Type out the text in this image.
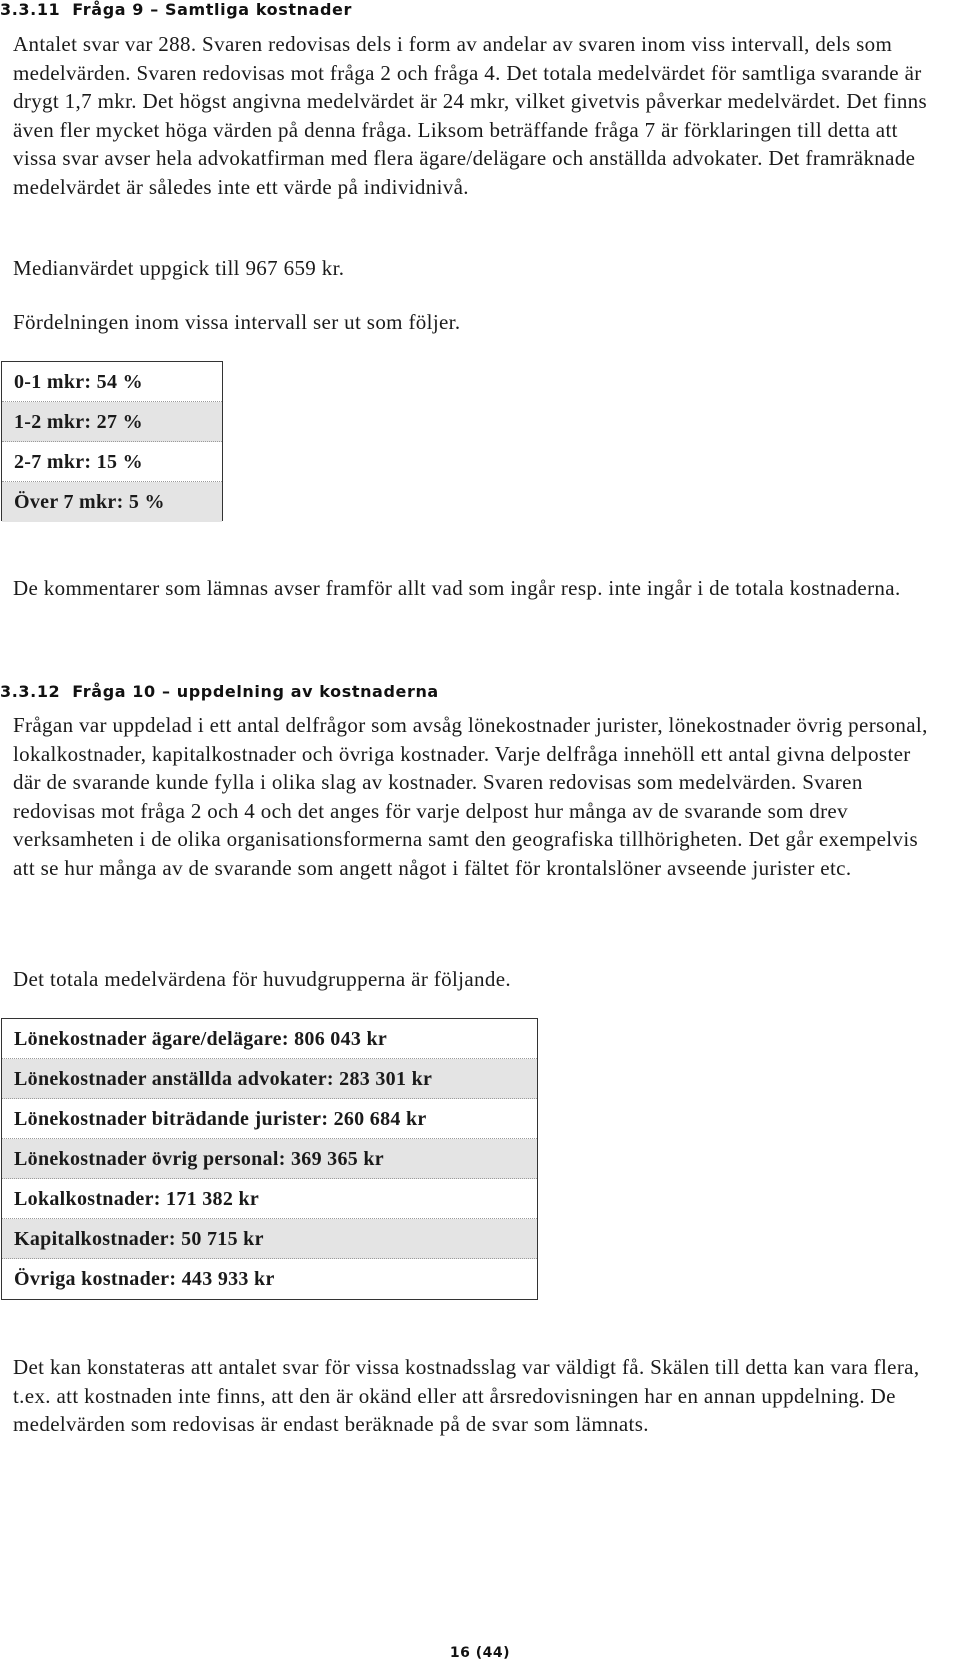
3.3.11 Fråga 9 – Samtliga kostnader

Antalet svar var 288. Svaren redovisas dels i form av andelar av svaren inom viss intervall, dels som medelvärden. Svaren redovisas mot fråga 2 och fråga 4. Det totala medelvärdet för samtliga svarande är drygt 1,7 mkr. Det högst angivna medelvärdet är 24 mkr, vilket givetvis påverkar medelvärdet. Det finns även fler mycket höga värden på denna fråga. Liksom beträffande fråga 7 är förklaringen till detta att vissa svar avser hela advokatfirman med flera ägare/delägare och anställda advokater. Det framräknade medelvärdet är således inte ett värde på individnivå.

Medianvärdet uppgick till 967 659 kr.

Fördelningen inom vissa intervall ser ut som följer.

0-1 mkr: 54 %
1-2 mkr: 27 %
2-7 mkr: 15 %
Över 7 mkr: 5 %

De kommentarer som lämnas avser framför allt vad som ingår resp. inte ingår i de totala kostnaderna.

3.3.12 Fråga 10 – uppdelning av kostnaderna

Frågan var uppdelad i ett antal delfrågor som avsåg lönekostnader jurister, lönekostnader övrig personal, lokalkostnader, kapitalkostnader och övriga kostnader. Varje delfråga innehöll ett antal givna delposter där de svarande kunde fylla i olika slag av kostnader. Svaren redovisas som medelvärden. Svaren redovisas mot fråga 2 och 4 och det anges för varje delpost hur många av de svarande som drev verksamheten i de olika organisationsformerna samt den geografiska tillhörigheten. Det går exempelvis att se hur många av de svarande som angett något i fältet för krontalslöner avseende jurister etc.

Det totala medelvärdena för huvudgrupperna är följande.

Lönekostnader ägare/delägare: 806 043 kr
Lönekostnader anställda advokater: 283 301 kr
Lönekostnader biträdande jurister: 260 684 kr
Lönekostnader övrig personal: 369 365 kr
Lokalkostnader: 171 382 kr
Kapitalkostnader: 50 715 kr
Övriga kostnader: 443 933 kr

Det kan konstateras att antalet svar för vissa kostnadsslag var väldigt få. Skälen till detta kan vara flera, t.ex. att kostnaden inte finns, att den är okänd eller att årsredovisningen har en annan uppdelning. De medelvärden som redovisas är endast beräknade på de svar som lämnats.

16 (44)
